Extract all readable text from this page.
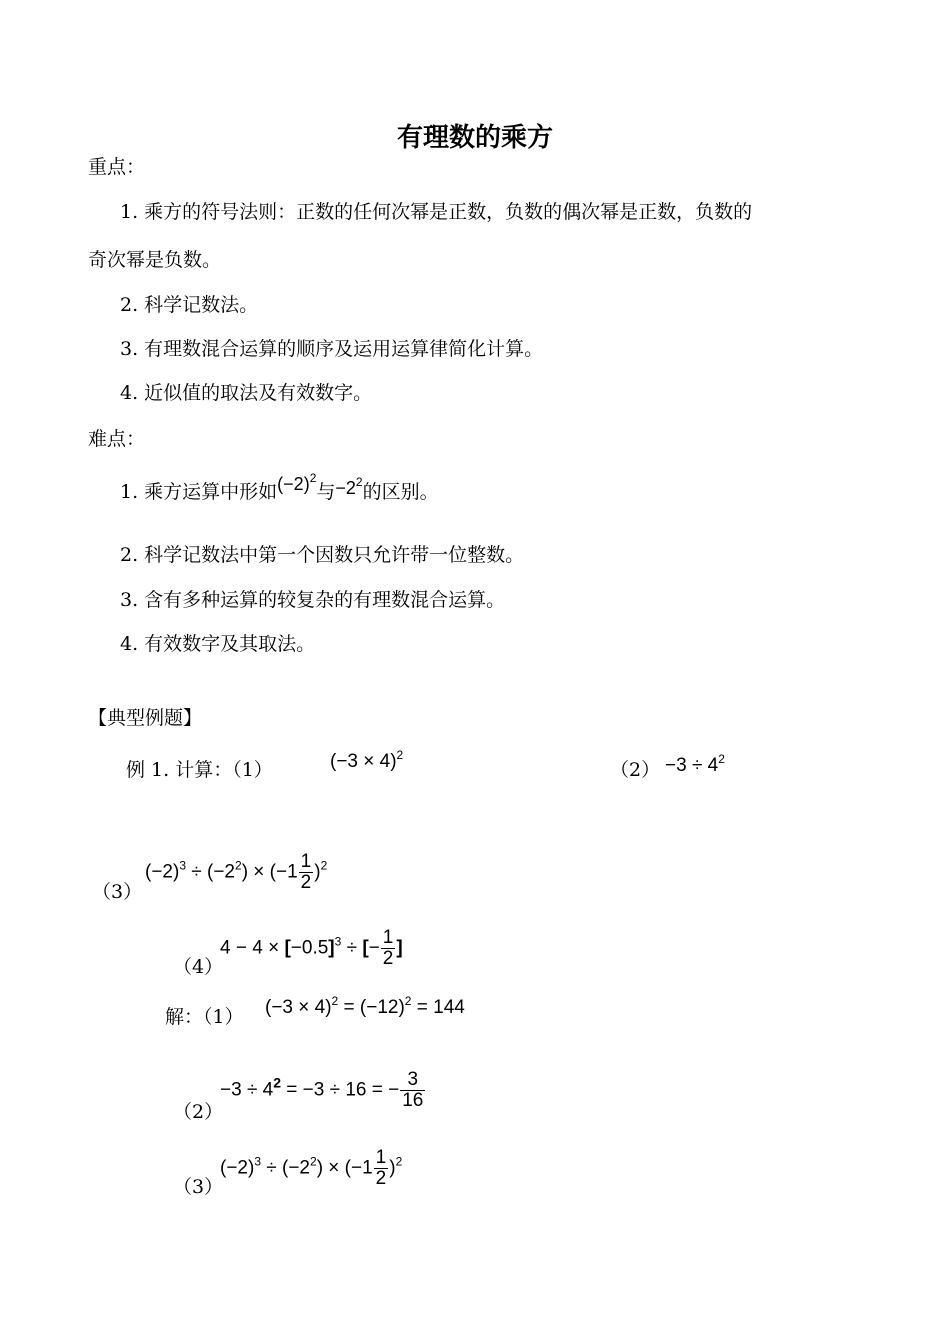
有理数的乘方
重点：
1. 乘方的符号法则：正数的任何次幂是正数，负数的偶次幂是正数，负数的
奇次幂是负数。
2. 科学记数法。
3. 有理数混合运算的顺序及运用运算律简化计算。
4. 近似值的取法及有效数字。
难点：
1. 乘方运算中形如$(-2)^2$与$-2^2$的区别。
2. 科学记数法中第一个因数只允许带一位整数。
3. 含有多种运算的较复杂的有理数混合运算。
4. 有效数字及其取法。
【典型例题】
例 1. 计算：（1）	$(-3 \times 4)^2$
$(2) -3 \div 4^2$
（3）
$(-2)^3 \div (-2^2) \times (-1 \frac{1}{2} )^2$
（4）
$4 - 4 \times [-0.5]^3$ ÷ [− $\frac{1}{2}$ ]
解：（1） $(-3 \times 4)^2 = (-12)^2 = 144$
（2）
$-3 \div 4^2 = -3 \div 16$ = − $\frac{3}{16}$
（3）
$(-2)^3 \div (-2^2) \times (-1 \frac{1}{2} )^2$
